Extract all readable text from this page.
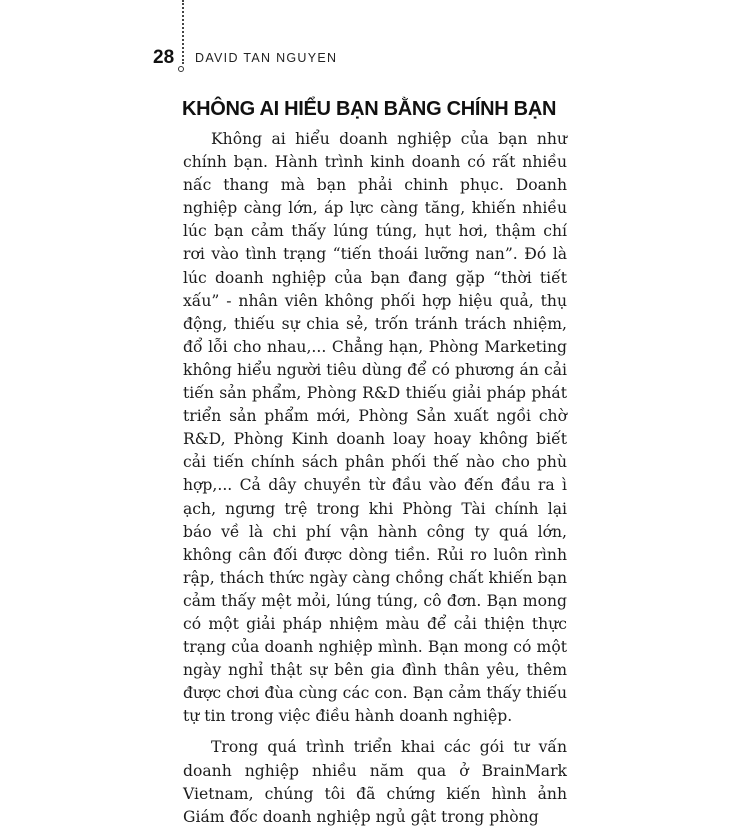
28 DAVID TAN NGUYEN
KHÔNG AI HIỂU BẠN BẰNG CHÍNH BẠN

Không ai hiểu doanh nghiệp của bạn như chính bạn. Hành trình kinh doanh có rất nhiều nấc thang mà bạn phải chinh phục. Doanh nghiệp càng lớn, áp lực càng tăng, khiến nhiều lúc bạn cảm thấy lúng túng, hụt hơi, thậm chí rơi vào tình trạng “tiến thoái lưỡng nan”. Đó là lúc doanh nghiệp của bạn đang gặp “thời tiết xấu” - nhân viên không phối hợp hiệu quả, thụ động, thiếu sự chia sẻ, trốn tránh trách nhiệm, đổ lỗi cho nhau,... Chẳng hạn, Phòng Marketing không hiểu người tiêu dùng để có phương án cải tiến sản phẩm, Phòng R&D thiếu giải pháp phát triển sản phẩm mới, Phòng Sản xuất ngồi chờ R&D, Phòng Kinh doanh loay hoay không biết cải tiến chính sách phân phối thế nào cho phù hợp,... Cả dây chuyền từ đầu vào đến đầu ra ì ạch, ngưng trệ trong khi Phòng Tài chính lại báo về là chi phí vận hành công ty quá lớn, không cân đối được dòng tiền. Rủi ro luôn rình rập, thách thức ngày càng chồng chất khiến bạn cảm thấy mệt mỏi, lúng túng, cô đơn. Bạn mong có một giải pháp nhiệm màu để cải thiện thực trạng của doanh nghiệp mình. Bạn mong có một ngày nghỉ thật sự bên gia đình thân yêu, thêm được chơi đùa cùng các con. Bạn cảm thấy thiếu tự tin trong việc điều hành doanh nghiệp.

Trong quá trình triển khai các gói tư vấn doanh nghiệp nhiều năm qua ở BrainMark Vietnam, chúng tôi đã chứng kiến hình ảnh Giám đốc doanh nghiệp ngủ gật trong phòng
